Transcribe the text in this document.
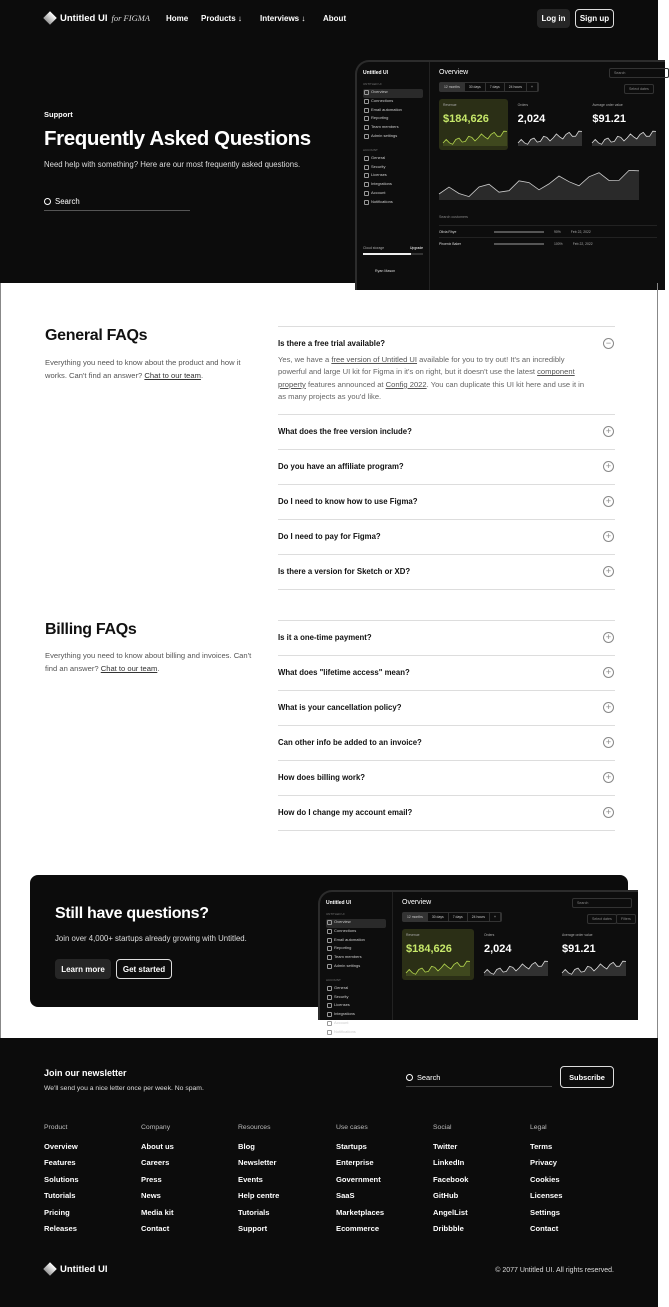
Untitled UI for FIGMA Home Products ↓ Interviews ↓ About	Log in	Sign up
Support
Frequently Asked Questions
Need help with something? Here are our most frequently asked questions.
Search
Untitled UI
UNTITLED UI
Overview
Connections
Email automation
Reporting
Team members
Admin settings
ACCOUNT
General
Security
Licenses
Integrations
Account
Notifications
Cloud storage	Upgrade
Ryan Mason
Overview	Search
Select dates
12 months	30 days	7 days	24 hours	+
Revenue
$184,626
Orders
2,024
Average order value
$91.21
Search customers
Olivia Rhye	90%	Feb 22, 2022
Phoenix Baker	100%	Feb 22, 2022
General FAQs

Everything you need to know about the product and how it works. Can't find an answer? Chat to our team.

Is there a free trial available?	−

Yes, we have a free version of Untitled UI available for you to try out! It's an incredibly powerful and large UI kit for Figma in it's on right, but it doesn't use the latest component property features announced at Config 2022. You can duplicate this UI kit here and use it in as many projects as you'd like.

What does the free version include?	+
Do you have an affiliate program?	+
Do I need to know how to use Figma?	+
Do I need to pay for Figma?	+
Is there a version for Sketch or XD?	+
Billing FAQs

Everything you need to know about billing and invoices. Can't find an answer? Chat to our team.

Is it a one-time payment?	+
What does "lifetime access" mean?	+
What is your cancellation policy?	+
Can other info be added to an invoice?	+
How does billing work?	+
How do I change my account email?	+
Still have questions?

Join over 4,000+ startups already growing with Untitled.

Learn more	Get started
Untitled UI
UNTITLED UI
Overview
Connections
Email automation
Reporting
Team members
Admin settings
ACCOUNT
General
Security
Licenses
Integrations
Account
Notifications
Overview	Search
Select dates	Filters
12 months	30 days	7 days	24 hours	+
Revenue
$184,626
Orders
2,024
Average order value
$91.21
Join our newsletter
We'll send you a nice letter once per week. No spam.
Search	Subscribe
Product
Overview
Features
Solutions
Tutorials
Pricing
Releases
Company
About us
Careers
Press
News
Media kit
Contact
Resources
Blog
Newsletter
Events
Help centre
Tutorials
Support
Use cases
Startups
Enterprise
Government
SaaS
Marketplaces
Ecommerce
Social
Twitter
LinkedIn
Facebook
GitHub
AngelList
Dribbble
Legal
Terms
Privacy
Cookies
Licenses
Settings
Contact
Untitled UI	© 2077 Untitled UI. All rights reserved.
